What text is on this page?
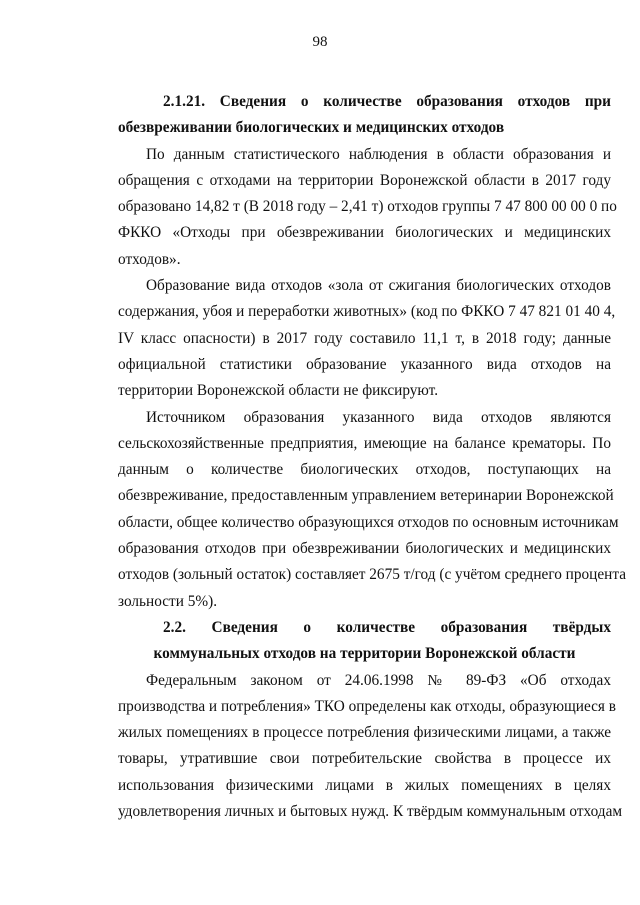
98
2.1.21. Сведения о количестве образования отходов при
обезвреживании биологических и медицинских отходов
По данным статистического наблюдения в области образования и
обращения с отходами на территории Воронежской области в 2017 году
образовано 14,82 т (В 2018 году – 2,41 т) отходов группы 7 47 800 00 00 0 по
ФККО «Отходы при обезвреживании биологических и медицинских
отходов».
Образование вида отходов «зола от сжигания биологических отходов
содержания, убоя и переработки животных» (код по ФККО 7 47 821 01 40 4,
IV класс опасности) в 2017 году составило 11,1 т, в 2018 году; данные
официальной статистики образование указанного вида отходов на
территории Воронежской области не фиксируют.
Источником образования указанного вида отходов являются
сельскохозяйственные предприятия, имеющие на балансе крематоры. По
данным о количестве биологических отходов, поступающих на
обезвреживание, предоставленным управлением ветеринарии Воронежской
области, общее количество образующихся отходов по основным источникам
образования отходов при обезвреживании биологических и медицинских
отходов (зольный остаток) составляет 2675 т/год (с учётом среднего процента
зольности 5%).
2.2. Сведения о количестве образования твёрдых
коммунальных отходов на территории Воронежской области
Федеральным законом от 24.06.1998 № 89-ФЗ «Об отходах
производства и потребления» ТКО определены как отходы, образующиеся в
жилых помещениях в процессе потребления физическими лицами, а также
товары, утратившие свои потребительские свойства в процессе их
использования физическими лицами в жилых помещениях в целях
удовлетворения личных и бытовых нужд. К твёрдым коммунальным отходам
